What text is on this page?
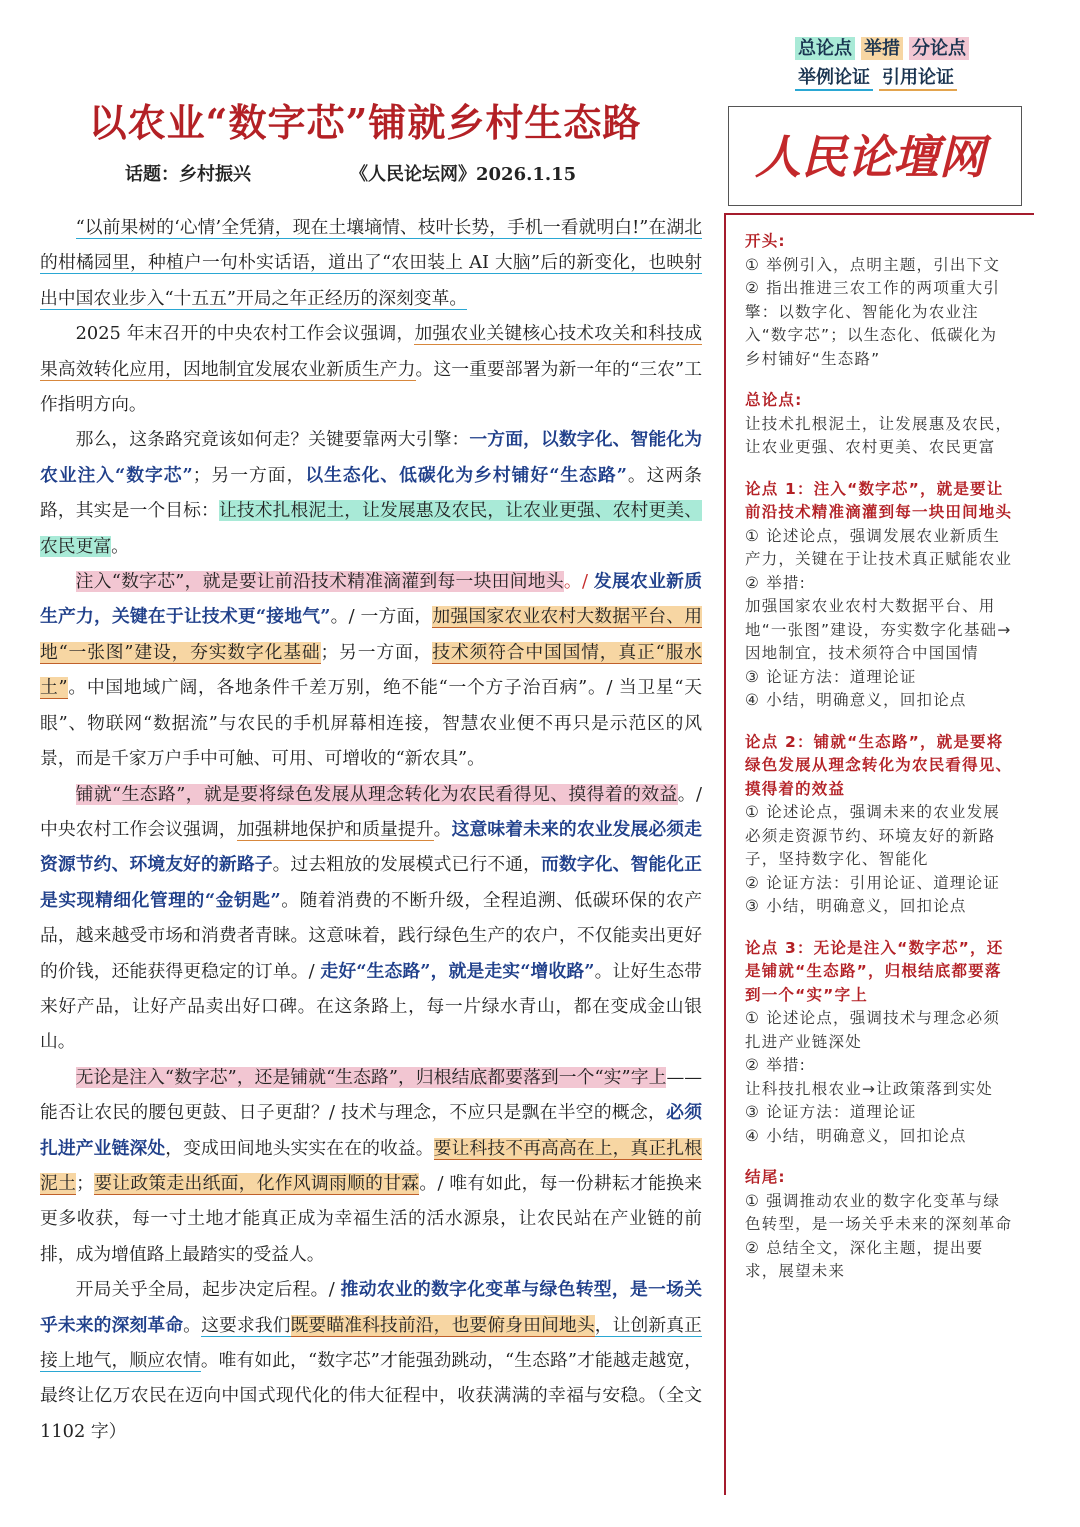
总论点 举措 分论点
举例论证 引用论证
以农业“数字芯”铺就乡村生态路
话题：乡村振兴	《人民论坛网》2026.1.15	人民论壇网

“以前果树的‘心情’全凭猜，现在土壤墒情、枝叶长势，手机一看就明白!”在湖北的柑橘园里，种植户一句朴实话语，道出了“农田装上 AI 大脑”后的新变化，也映射出中国农业步入“十五五”开局之年正经历的深刻变革。

2025 年末召开的中央农村工作会议强调，加强农业关键核心技术攻关和科技成果高效转化应用，因地制宜发展农业新质生产力。这一重要部署为新一年的“三农”工作指明方向。

那么，这条路究竟该如何走？关键要靠两大引擎：一方面，以数字化、智能化为农业注入“数字芯”；另一方面，以生态化、低碳化为乡村铺好“生态路”。这两条路，其实是一个目标：让技术扎根泥土，让发展惠及农民，让农业更强、农村更美、农民更富。

注入“数字芯”，就是要让前沿技术精准滴灌到每一块田间地头。/ 发展农业新质生产力，关键在于让技术更“接地气”。/ 一方面，加强国家农业农村大数据平台、用地“一张图”建设，夯实数字化基础；另一方面，技术须符合中国国情，真正“服水土”。中国地域广阔，各地条件千差万别，绝不能“一个方子治百病”。/ 当卫星“天眼”、物联网“数据流”与农民的手机屏幕相连接，智慧农业便不再只是示范区的风景，而是千家万户手中可触、可用、可增收的“新农具”。

铺就“生态路”，就是要将绿色发展从理念转化为农民看得见、摸得着的效益。/ 中央农村工作会议强调，加强耕地保护和质量提升。这意味着未来的农业发展必须走资源节约、环境友好的新路子。过去粗放的发展模式已行不通，而数字化、智能化正是实现精细化管理的“金钥匙”。随着消费的不断升级，全程追溯、低碳环保的农产品，越来越受市场和消费者青睐。这意味着，践行绿色生产的农户，不仅能卖出更好的价钱，还能获得更稳定的订单。/ 走好“生态路”，就是走实“增收路”。让好生态带来好产品，让好产品卖出好口碑。在这条路上，每一片绿水青山，都在变成金山银山。

无论是注入“数字芯”，还是铺就“生态路”，归根结底都要落到一个“实”字上——能否让农民的腰包更鼓、日子更甜？/ 技术与理念，不应只是飘在半空的概念，必须扎进产业链深处，变成田间地头实实在在的收益。要让科技不再高高在上，真正扎根泥土；要让政策走出纸面，化作风调雨顺的甘霖。/ 唯有如此，每一份耕耘才能换来更多收获，每一寸土地才能真正成为幸福生活的活水源泉，让农民站在产业链的前排，成为增值路上最踏实的受益人。

开局关乎全局，起步决定后程。/ 推动农业的数字化变革与绿色转型，是一场关乎未来的深刻革命。这要求我们既要瞄准科技前沿，也要俯身田间地头，让创新真正接上地气，顺应农情。唯有如此，“数字芯”才能强劲跳动，“生态路”才能越走越宽，最终让亿万农民在迈向中国式现代化的伟大征程中，收获满满的幸福与安稳。（全文 1102 字）

开头:
① 举例引入，点明主题，引出下文
② 指出推进三农工作的两项重大引擎：以数字化、智能化为农业注入“数字芯”；以生态化、低碳化为乡村铺好“生态路”
总论点:
让技术扎根泥土，让发展惠及农民，让农业更强、农村更美、农民更富
论点 1：注入“数字芯”，就是要让前沿技术精准滴灌到每一块田间地头
① 论述论点，强调发展农业新质生产力，关键在于让技术真正赋能农业
② 举措:
加强国家农业农村大数据平台、用地“一张图”建设，夯实数字化基础→因地制宜，技术须符合中国国情
③ 论证方法：道理论证
④ 小结，明确意义，回扣论点
论点 2：铺就“生态路”，就是要将绿色发展从理念转化为农民看得见、摸得着的效益
① 论述论点，强调未来的农业发展必须走资源节约、环境友好的新路子，坚持数字化、智能化
② 论证方法：引用论证、道理论证
③ 小结，明确意义，回扣论点
论点 3：无论是注入“数字芯”，还是铺就“生态路”，归根结底都要落到一个“实”字上
① 论述论点，强调技术与理念必须扎进产业链深处
② 举措:
让科技扎根农业→让政策落到实处
③ 论证方法：道理论证
④ 小结，明确意义，回扣论点
结尾:
① 强调推动农业的数字化变革与绿色转型，是一场关乎未来的深刻革命
② 总结全文，深化主题，提出要求，展望未来
